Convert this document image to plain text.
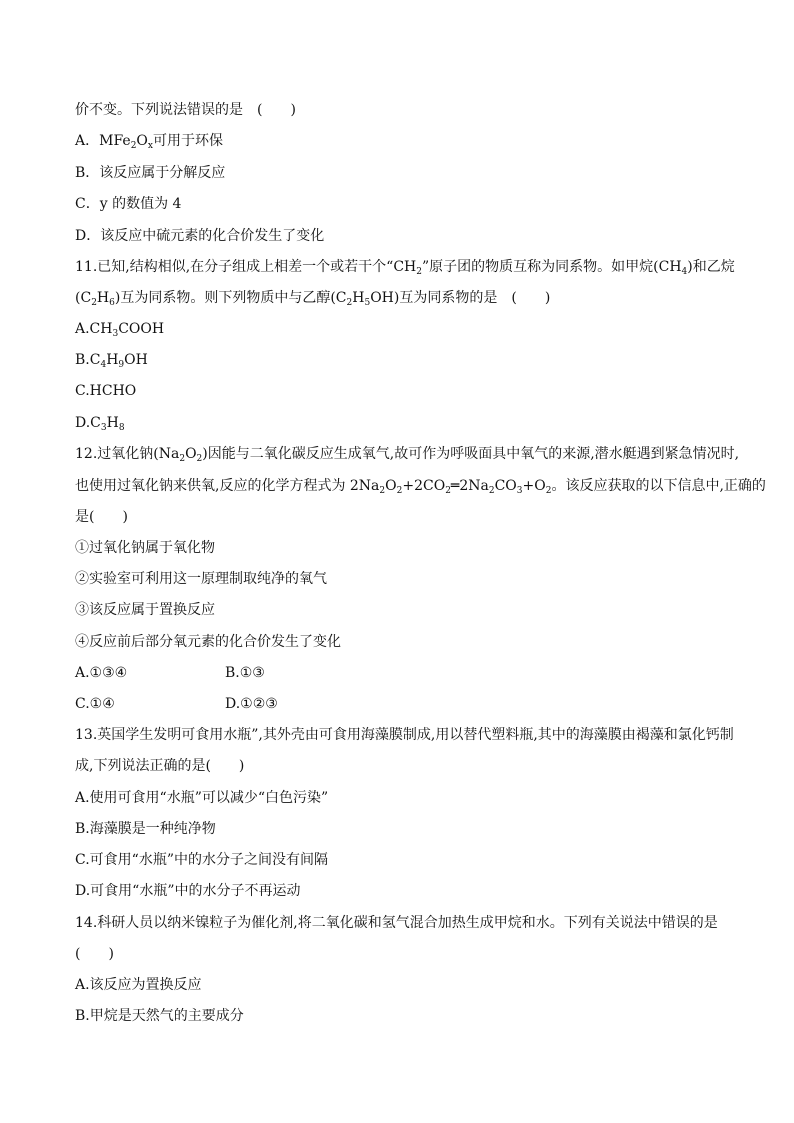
价不变。下列说法错误的是　(　　)
A．$MFe_2O_x$可用于环保
B．该反应属于分解反应
C．y 的数值为 4
D．该反应中硫元素的化合价发生了变化
11.已知,结构相似,在分子组成上相差一个或若干个“$CH_2$”原子团的物质互称为同系物。如甲烷$(CH_4)$和乙烷
$(C_2H_6)$互为同系物。则下列物质中与乙醇$(C_2H_5OH)$互为同系物的是　(　　)
$A.CH_3COOH$
$B.C_4H_9OH$
C.HCHO
$D.C_3H_8$
12.过氧化钠$(Na_2O_2)$因能与二氧化碳反应生成氧气,故可作为呼吸面具中氧气的来源,潜水艇遇到紧急情况时,
也使用过氧化钠来供氧,反应的化学方程式为 $2Na_2O_2+2CO_2═2Na_2CO_3+O_2$。该反应获取的以下信息中,正确的
是(　　)
①过氧化钠属于氧化物
②实验室可利用这一原理制取纯净的氧气
③该反应属于置换反应
④反应前后部分氧元素的化合价发生了变化
A.①③④	B.①③
C.①④	D.①②③
13.英国学生发明可食用水瓶”,其外壳由可食用海藻膜制成,用以替代塑料瓶,其中的海藻膜由褐藻和氯化钙制
成,下列说法正确的是(　　)
A.使用可食用“水瓶”可以减少“白色污染”
B.海藻膜是一种纯净物
C.可食用“水瓶”中的水分子之间没有间隔
D.可食用“水瓶”中的水分子不再运动
14.科研人员以纳米镍粒子为催化剂,将二氧化碳和氢气混合加热生成甲烷和水。下列有关说法中错误的是
(　　)
A.该反应为置换反应
B.甲烷是天然气的主要成分
